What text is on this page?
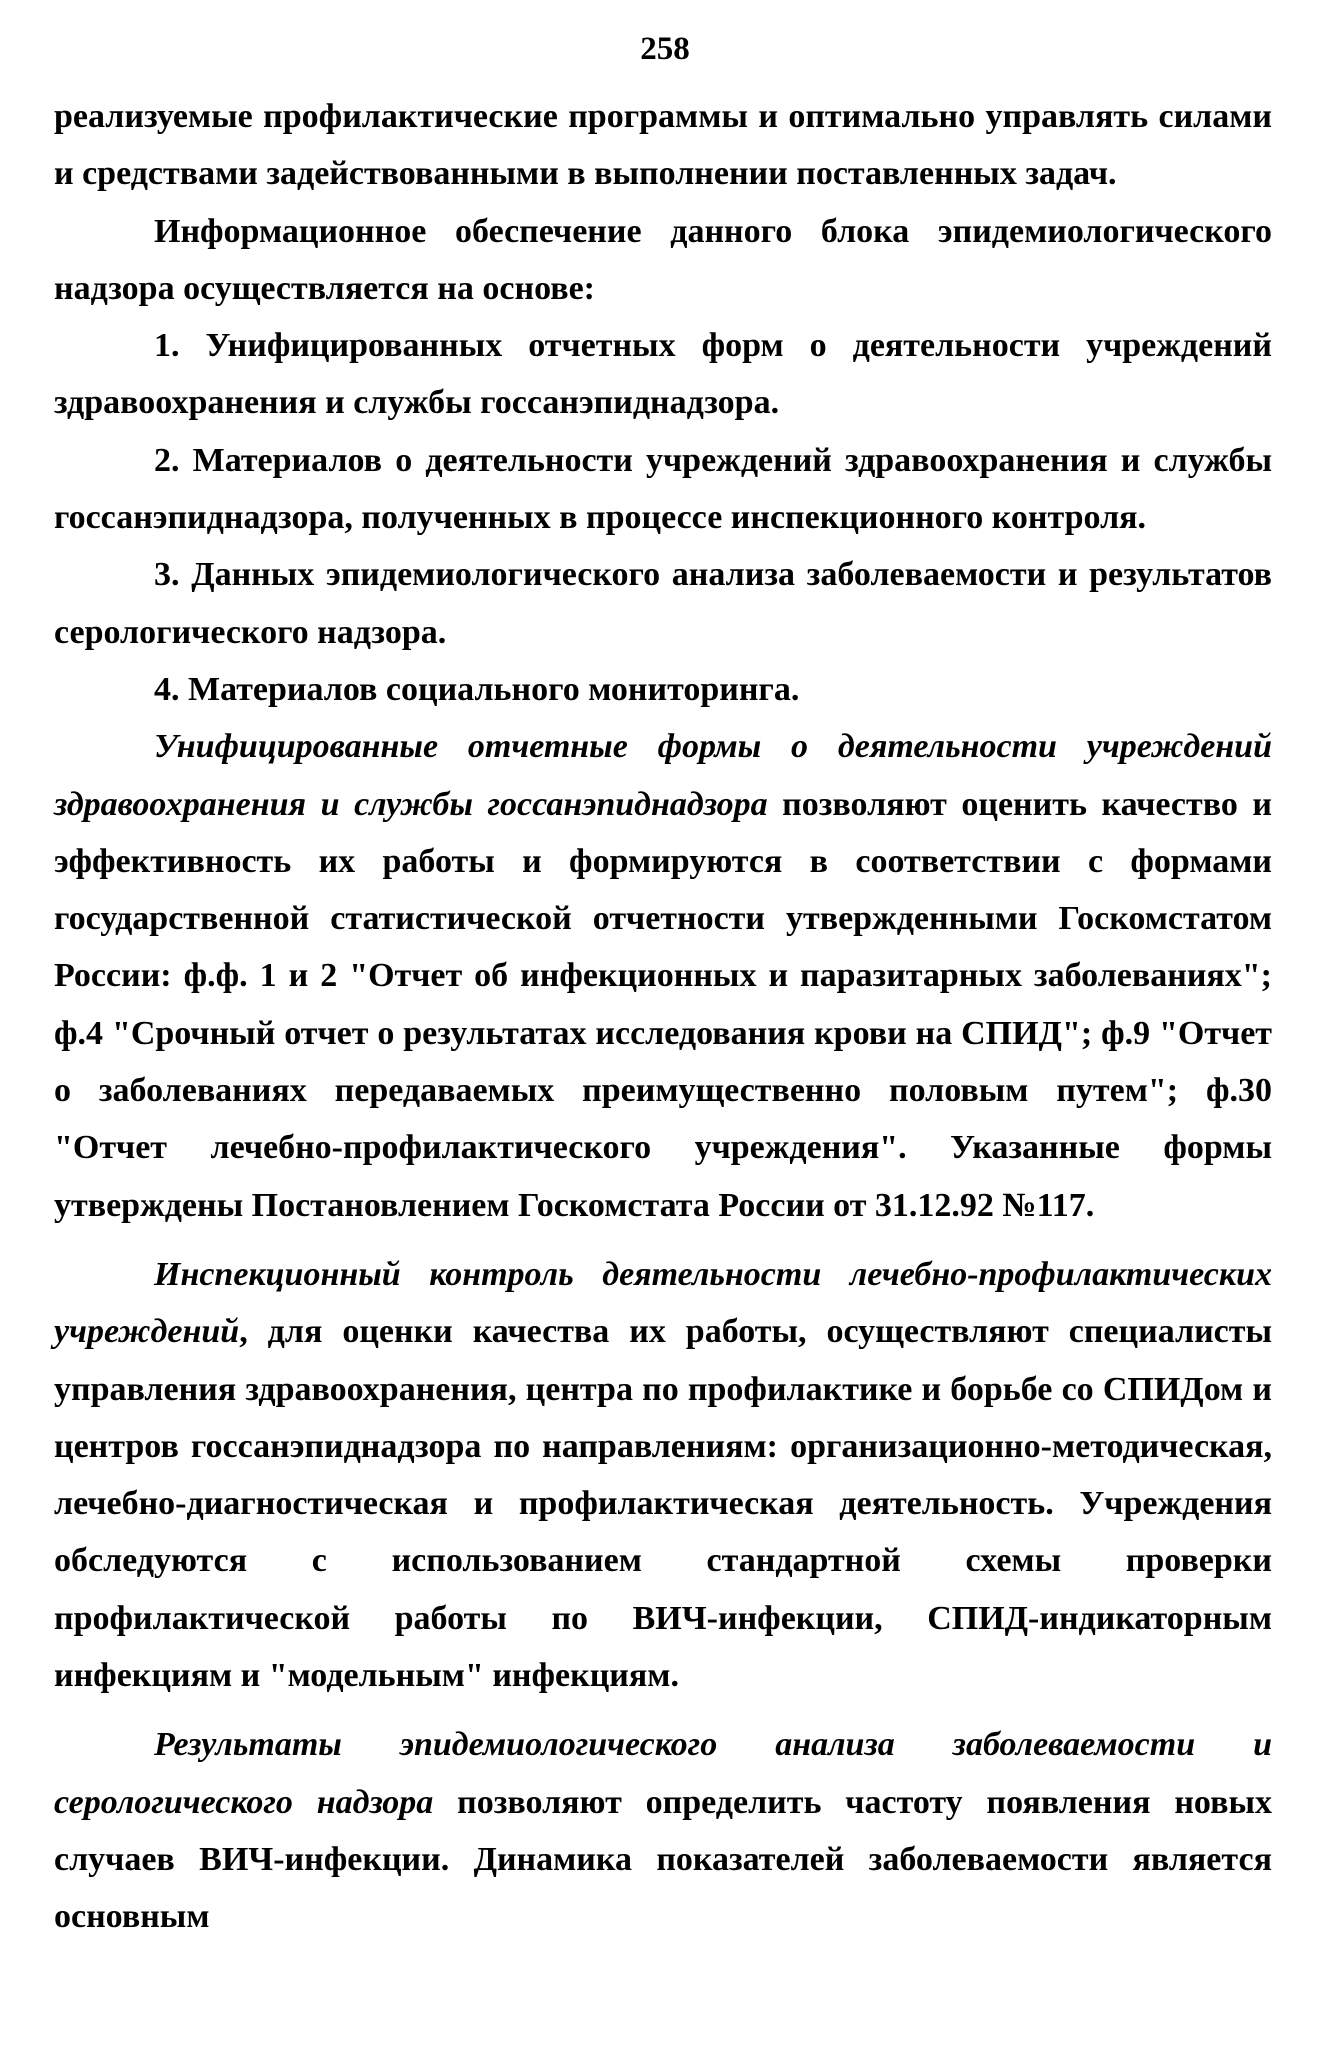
258

реализуемые профилактические программы и оптимально управлять силами и средствами задействованными в выполнении поставленных задач.

Информационное обеспечение данного блока эпидемиологического надзора осуществляется на основе:

1. Унифицированных отчетных форм о деятельности учреждений здравоохранения и службы госсанэпиднадзора.

2. Материалов о деятельности учреждений здравоохранения и службы госсанэпиднадзора, полученных в процессе инспекционного контроля.

3. Данных эпидемиологического анализа заболеваемости и результатов серологического надзора.

4. Материалов социального мониторинга.

Унифицированные отчетные формы о деятельности учреждений здравоохранения и службы госсанэпиднадзора позволяют оценить качество и эффективность их работы и формируются в соответствии с формами государственной статистической отчетности утвержденными Госкомстатом России: ф.ф. 1 и 2 "Отчет об инфекционных и паразитарных заболеваниях"; ф.4 "Срочный отчет о результатах исследования крови на СПИД"; ф.9 "Отчет о заболеваниях передаваемых преимущественно половым путем"; ф.30 "Отчет лечебно-профилактического учреждения". Указанные формы утверждены Постановлением Госкомстата России от 31.12.92 №117.

Инспекционный контроль деятельности лечебно-профилактических учреждений, для оценки качества их работы, осуществляют специалисты управления здравоохранения, центра по профилактике и борьбе со СПИДом и центров госсанэпиднадзора по направлениям: организационно-методическая, лечебно-диагностическая и профилактическая деятельность. Учреждения обследуются с использованием стандартной схемы проверки профилактической работы по ВИЧ-инфекции, СПИД-индикаторным инфекциям и "модельным" инфекциям.

Результаты эпидемиологического анализа заболеваемости и серологического надзора позволяют определить частоту появления новых случаев ВИЧ-инфекции. Динамика показателей заболеваемости является основным
